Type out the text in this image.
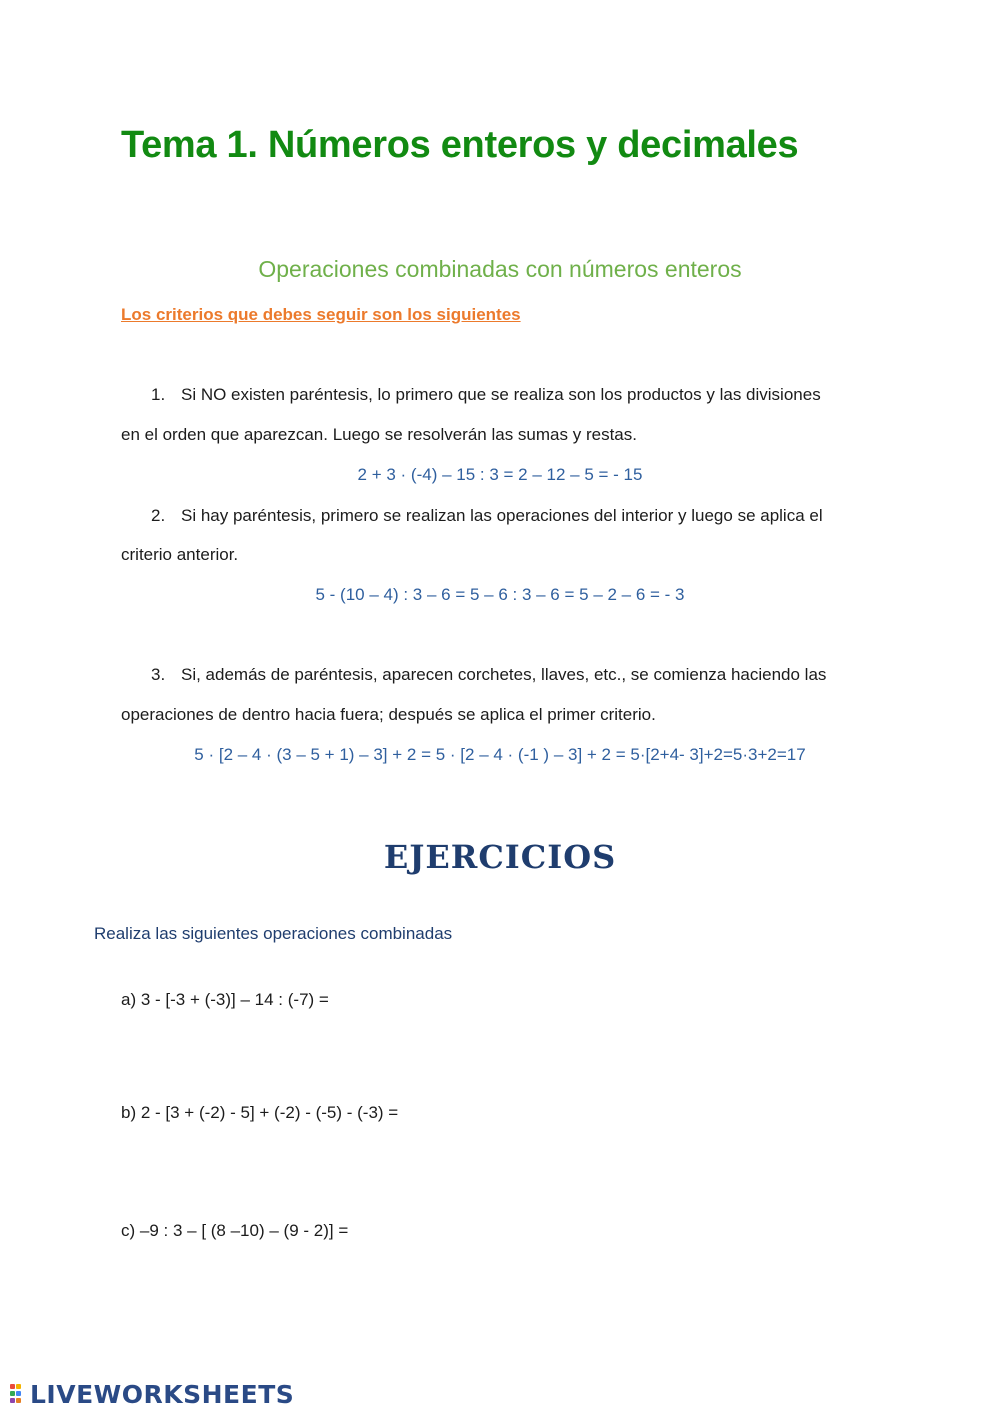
Tema 1. Números enteros y decimales
Operaciones combinadas con números enteros
Los criterios que debes seguir son los siguientes
1. Si NO existen paréntesis, lo primero que se realiza son los productos y las divisiones
en el orden que aparezcan. Luego se resolverán las sumas y restas.
2 + 3 · (-4) – 15 : 3 = 2 – 12 – 5 = - 15
2. Si hay paréntesis, primero se realizan las operaciones del interior y luego se aplica el
criterio anterior.
5 - (10 – 4) : 3 – 6 = 5 – 6 : 3 – 6 = 5 – 2 – 6 = - 3
3. Si, además de paréntesis, aparecen corchetes, llaves, etc., se comienza haciendo las
operaciones de dentro hacia fuera; después se aplica el primer criterio.
5 · [2 – 4 · (3 – 5 + 1) – 3] + 2 = 5 · [2 – 4 · (-1 ) – 3] + 2 = 5·[2+4- 3]+2=5·3+2=17
EJERCICIOS
Realiza las siguientes operaciones combinadas
a) 3 - [-3 + (-3)] – 14 : (-7) =
b) 2 - [3 + (-2) - 5] + (-2) - (-5) - (-3) =
c) –9 : 3 – [ (8 –10) – (9 - 2)] =
LIVEWORKSHEETS
